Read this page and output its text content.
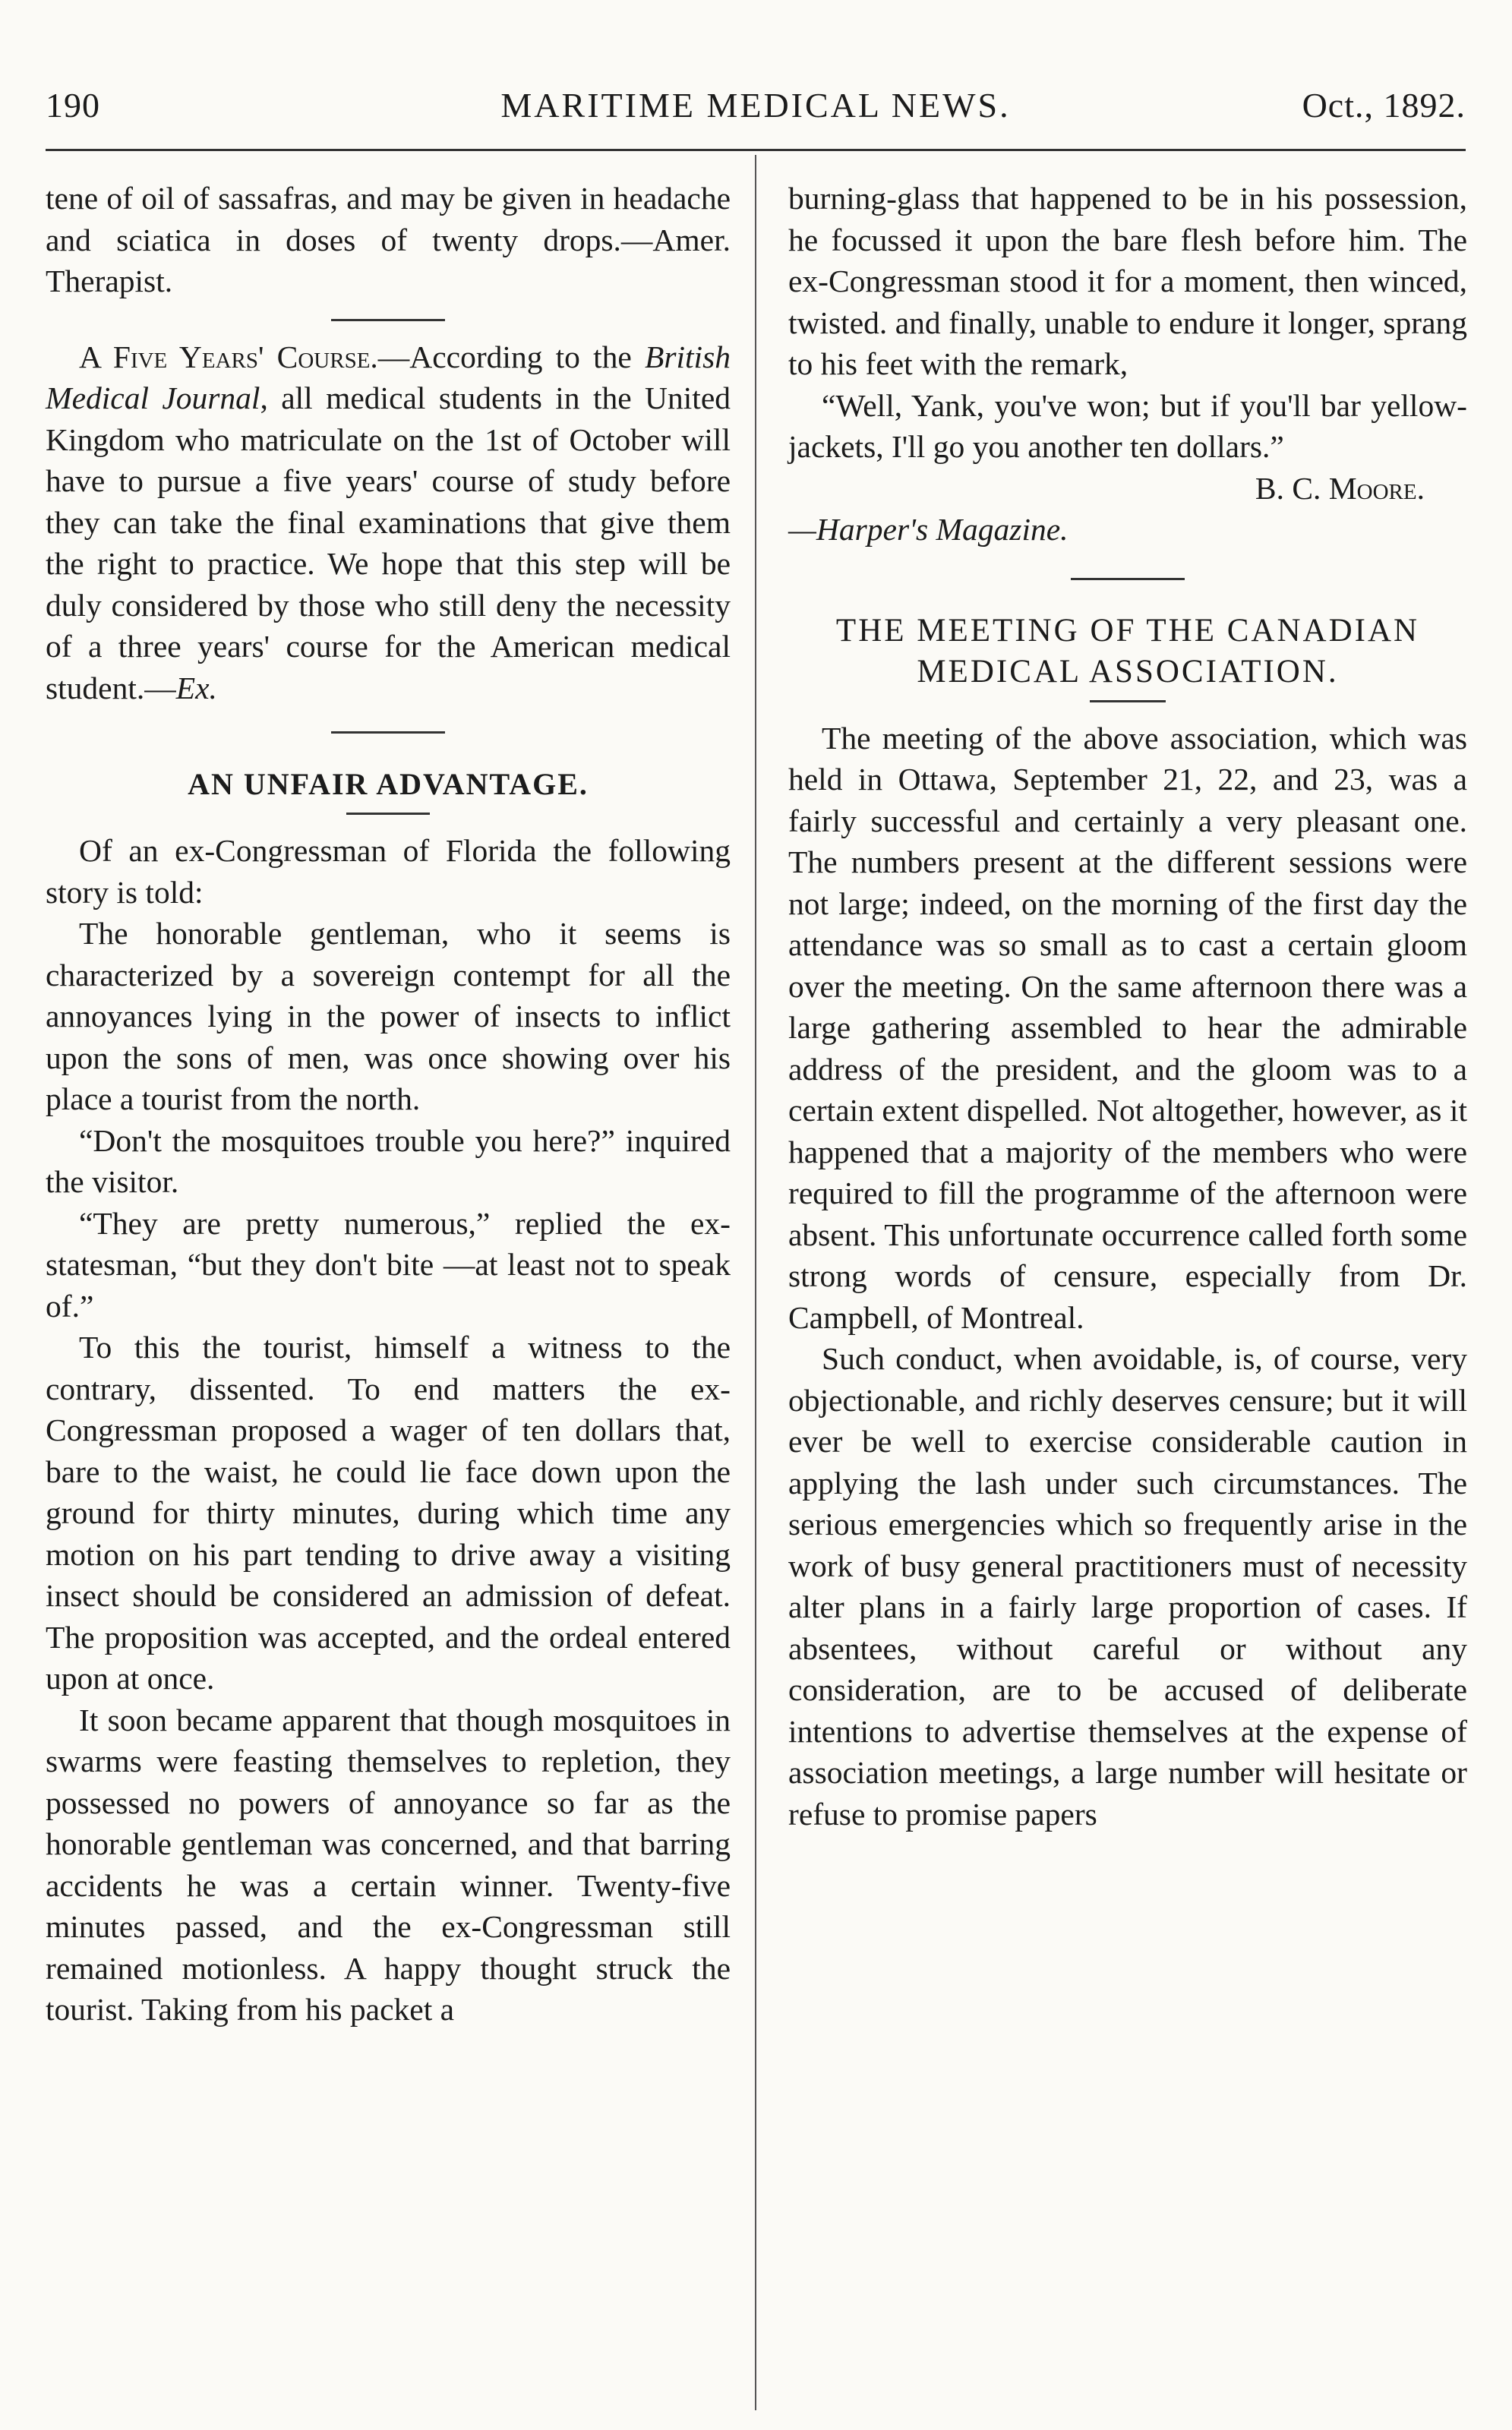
190	MARITIME MEDICAL NEWS.	Oct., 1892.

tene of oil of sassafras, and may be given in headache and sciatica in doses of twenty drops.—Amer. Therapist.

A Five Years' Course.—According to the British Medical Journal, all medical students in the United Kingdom who matriculate on the 1st of October will have to pursue a five years' course of study before they can take the final examinations that give them the right to practice. We hope that this step will be duly considered by those who still deny the necessity of a three years' course for the American medical student.—Ex.

AN UNFAIR ADVANTAGE.

Of an ex-Congressman of Florida the following story is told:

The honorable gentleman, who it seems is characterized by a sovereign contempt for all the annoyances lying in the power of insects to inflict upon the sons of men, was once showing over his place a tourist from the north.

“Don't the mosquitoes trouble you here?” inquired the visitor.

“They are pretty numerous,” replied the ex-statesman, “but they don't bite —at least not to speak of.”

To this the tourist, himself a witness to the contrary, dissented. To end matters the ex-Congressman proposed a wager of ten dollars that, bare to the waist, he could lie face down upon the ground for thirty minutes, during which time any motion on his part tending to drive away a visiting insect should be considered an admission of defeat. The proposition was accepted, and the ordeal entered upon at once.

It soon became apparent that though mosquitoes in swarms were feasting themselves to repletion, they possessed no powers of annoyance so far as the honorable gentleman was concerned, and that barring accidents he was a certain winner. Twenty-five minutes passed, and the ex-Congressman still remained motionless. A happy thought struck the tourist. Taking from his packet a

burning-glass that happened to be in his possession, he focussed it upon the bare flesh before him. The ex-Congressman stood it for a moment, then winced, twisted. and finally, unable to endure it longer, sprang to his feet with the remark,

“Well, Yank, you've won; but if you'll bar yellow-jackets, I'll go you another ten dollars.”

B. C. Moore.
—Harper's Magazine.
THE MEETING OF THE CANADIAN MEDICAL ASSOCIATION.

The meeting of the above association, which was held in Ottawa, September 21, 22, and 23, was a fairly successful and certainly a very pleasant one. The numbers present at the different sessions were not large; indeed, on the morning of the first day the attendance was so small as to cast a certain gloom over the meeting. On the same afternoon there was a large gathering assembled to hear the admirable address of the president, and the gloom was to a certain extent dispelled. Not altogether, however, as it happened that a majority of the members who were required to fill the programme of the afternoon were absent. This unfortunate occurrence called forth some strong words of censure, especially from Dr. Campbell, of Montreal.

Such conduct, when avoidable, is, of course, very objectionable, and richly deserves censure; but it will ever be well to exercise considerable caution in applying the lash under such circumstances. The serious emergencies which so frequently arise in the work of busy general practitioners must of necessity alter plans in a fairly large proportion of cases. If absentees, without careful or without any consideration, are to be accused of deliberate intentions to advertise themselves at the expense of association meetings, a large number will hesitate or refuse to promise papers
